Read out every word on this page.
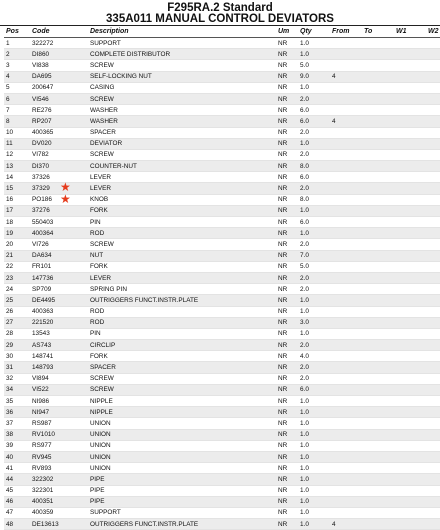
F295RA.2 Standard
335A011 MANUAL CONTROL DEVIATORS
Pos	Code	Description	Um	Qty	From	To	W1	W2
1	322272	SUPPORT	NR	1.0				
2	DI860	COMPLETE DISTRIBUTOR	NR	1.0				
3	VI838	SCREW	NR	5.0				
4	DA695	SELF-LOCKING NUT	NR	9.0	4			
5	200647	CASING	NR	1.0				
6	VI546	SCREW	NR	2.0				
7	RE276	WASHER	NR	6.0				
8	RP207	WASHER	NR	6.0	4			
10	400365	SPACER	NR	2.0				
11	DV020	DEVIATOR	NR	1.0				
12	VI782	SCREW	NR	2.0				
13	DI370	COUNTER-NUT	NR	8.0				
14	37326	LEVER	NR	6.0				
15	37329 ★	LEVER	NR	2.0				
16	PO186 ★	KNOB	NR	8.0				
17	37276	FORK	NR	1.0				
18	550403	PIN	NR	6.0				
19	400364	ROD	NR	1.0				
20	VI726	SCREW	NR	2.0				
21	DA634	NUT	NR	7.0				
22	FR101	FORK	NR	5.0				
23	147736	LEVER	NR	2.0				
24	SP709	SPRING PIN	NR	2.0				
25	DE4495	OUTRIGGERS FUNCT.INSTR.PLATE	NR	1.0				
26	400363	ROD	NR	1.0				
27	221520	ROD	NR	3.0				
28	13543	PIN	NR	1.0				
29	AS743	CIRCLIP	NR	2.0				
30	148741	FORK	NR	4.0				
31	148793	SPACER	NR	2.0				
32	VI894	SCREW	NR	2.0				
34	VI522	SCREW	NR	6.0				
35	NI986	NIPPLE	NR	1.0				
36	NI947	NIPPLE	NR	1.0				
37	RS987	UNION	NR	1.0				
38	RV1010	UNION	NR	1.0				
39	RS977	UNION	NR	1.0				
40	RV945	UNION	NR	1.0				
41	RV893	UNION	NR	1.0				
44	322302	PIPE	NR	1.0				
45	322301	PIPE	NR	1.0				
46	400351	PIPE	NR	1.0				
47	400359	SUPPORT	NR	1.0				
48	DE13613	OUTRIGGERS FUNCT.INSTR.PLATE	NR	1.0	4			
